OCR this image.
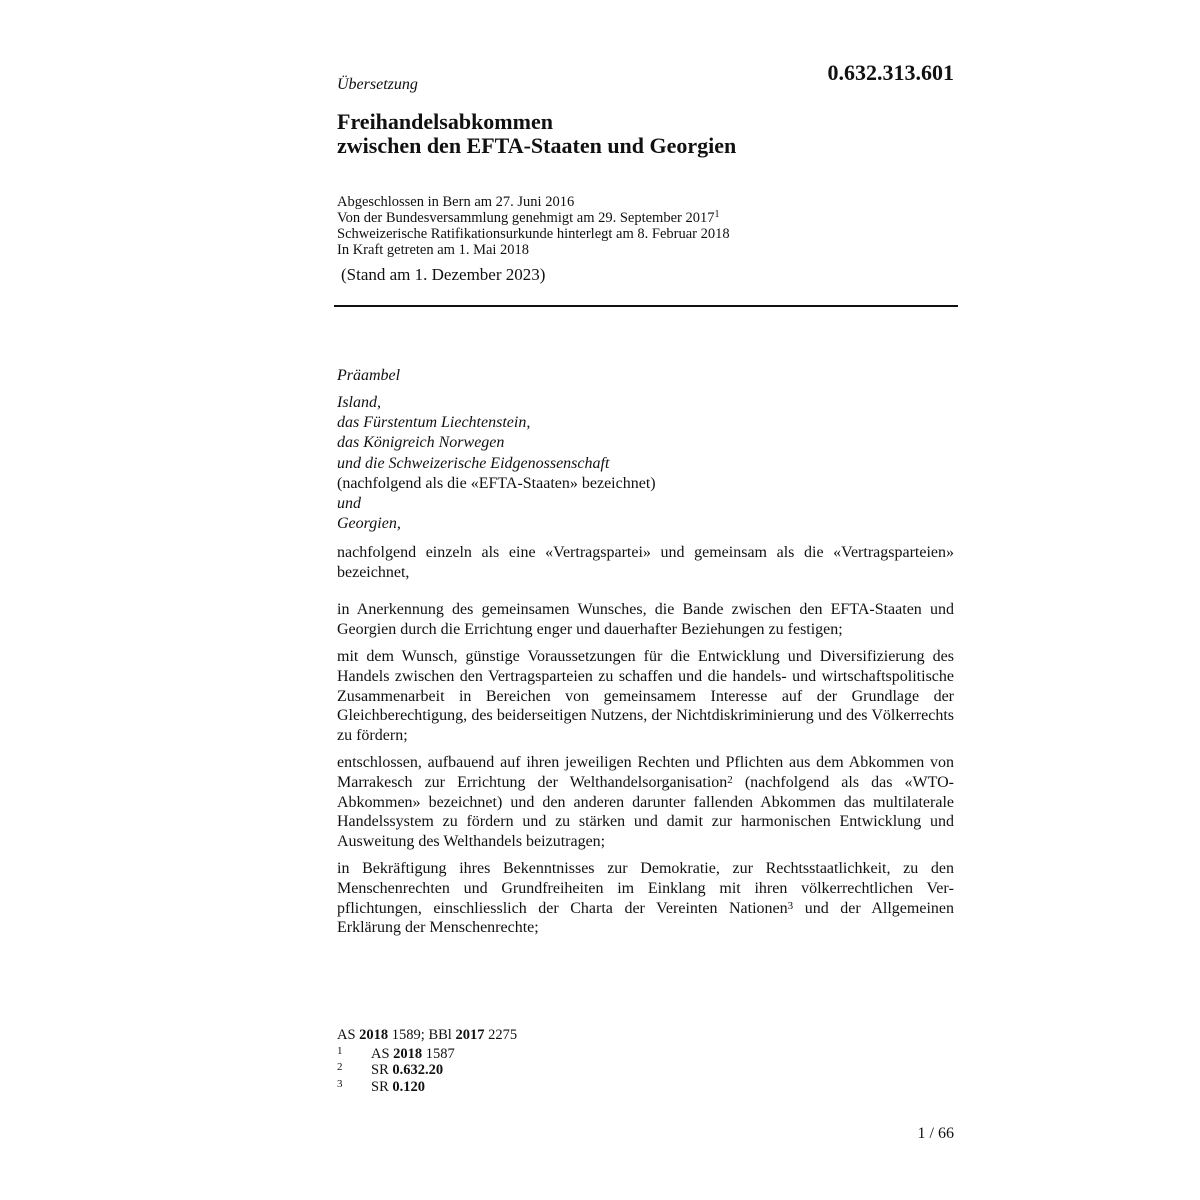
0.632.313.601
Übersetzung
Freihandelsabkommen
zwischen den EFTA-Staaten und Georgien
Abgeschlossen in Bern am 27. Juni 2016
Von der Bundesversammlung genehmigt am 29. September 2017$^1$
Schweizerische Ratifikationsurkunde hinterlegt am 8. Februar 2018
In Kraft getreten am 1. Mai 2018
(Stand am 1. Dezember 2023)
Präambel
Island,
das Fürstentum Liechtenstein,
das Königreich Norwegen
und die Schweizerische Eidgenossenschaft
(nachfolgend als die «EFTA-Staaten» bezeichnet)
und
Georgien,

nachfolgend einzeln als eine «Vertragspartei» und gemeinsam als die «Vertragsparteien» bezeichnet,

in Anerkennung des gemeinsamen Wunsches, die Bande zwischen den EFTA-Staaten und Georgien durch die Errichtung enger und dauerhafter Beziehungen zu festigen;

mit dem Wunsch, günstige Voraussetzungen für die Entwicklung und Diversifizierung des Handels zwischen den Vertragsparteien zu schaffen und die handels- und wirtschaftspolitische Zusammenarbeit in Bereichen von gemeinsamem Interesse auf der Grundlage der Gleichberechtigung, des beiderseitigen Nutzens, der Nichtdiskriminierung und des Völkerrechts zu fördern;

entschlossen, aufbauend auf ihren jeweiligen Rechten und Pflichten aus dem Abkommen von Marrakesch zur Errichtung der Welthandelsorganisation$^2$ (nachfolgend als das «WTO-Abkommen» bezeichnet) und den anderen darunter fallenden Abkommen das multilaterale Handelssystem zu fördern und zu stärken und damit zur harmonischen Entwicklung und Ausweitung des Welthandels beizutragen;

in Bekräftigung ihres Bekenntnisses zur Demokratie, zur Rechtsstaatlichkeit, zu den Menschenrechten und Grundfreiheiten im Einklang mit ihren völkerrechtlichen Verpflichtungen, einschliesslich der Charta der Vereinten Nationen$^3$ und der Allgemeinen Erklärung der Menschenrechte;

AS 2018 1589; BBl 2017 2275
1 AS 2018 1587
2 SR 0.632.20
3 SR 0.120
1 / 66
